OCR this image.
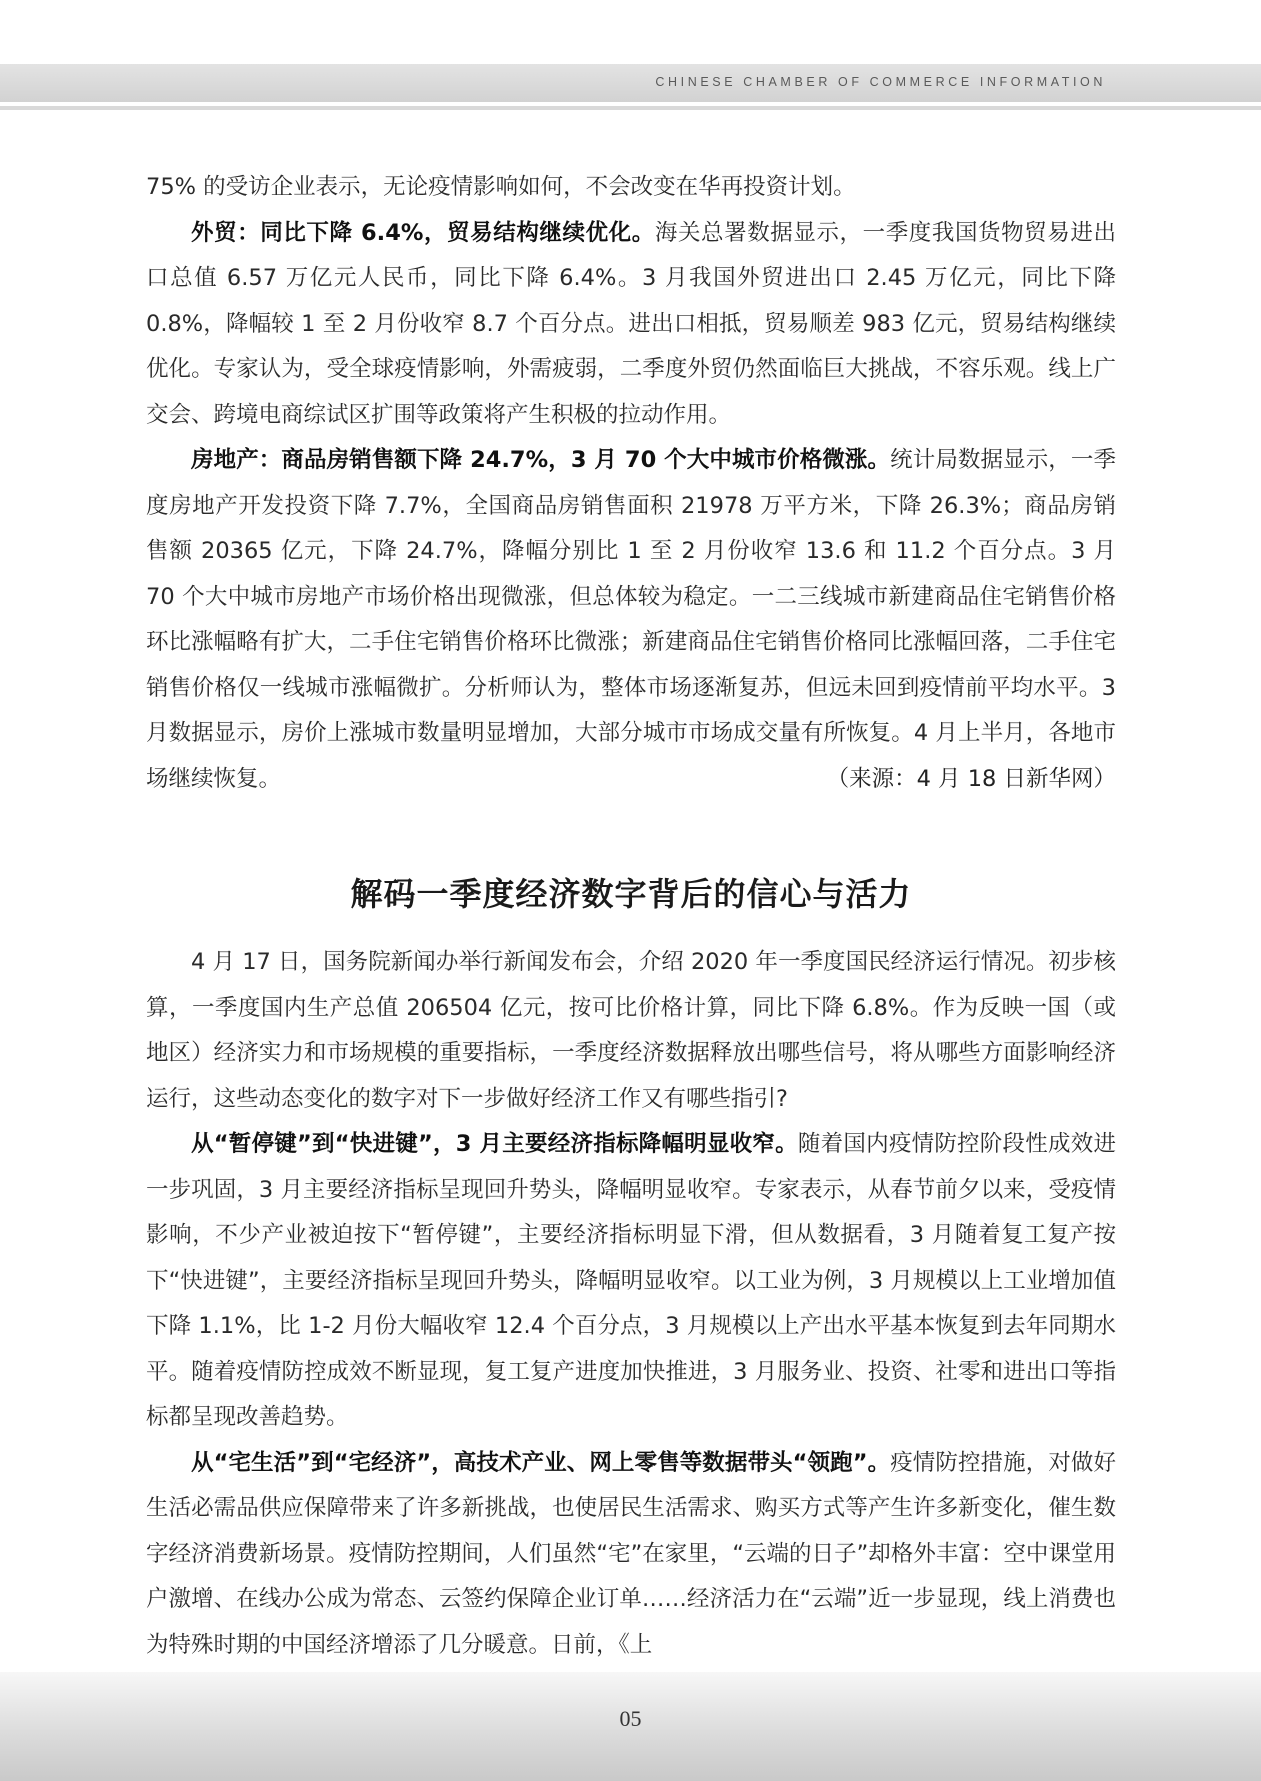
CHINESE CHAMBER OF COMMERCE INFORMATION

75% 的受访企业表示，无论疫情影响如何，不会改变在华再投资计划。

外贸：同比下降 6.4%，贸易结构继续优化。海关总署数据显示，一季度我国货物贸易进出口总值 6.57 万亿元人民币，同比下降 6.4%。3 月我国外贸进出口 2.45 万亿元，同比下降 0.8%，降幅较 1 至 2 月份收窄 8.7 个百分点。进出口相抵，贸易顺差 983 亿元，贸易结构继续优化。专家认为，受全球疫情影响，外需疲弱，二季度外贸仍然面临巨大挑战，不容乐观。线上广交会、跨境电商综试区扩围等政策将产生积极的拉动作用。

房地产：商品房销售额下降 24.7%，3 月 70 个大中城市价格微涨。统计局数据显示，一季度房地产开发投资下降 7.7%，全国商品房销售面积 21978 万平方米，下降 26.3%；商品房销售额 20365 亿元，下降 24.7%，降幅分别比 1 至 2 月份收窄 13.6 和 11.2 个百分点。3 月 70 个大中城市房地产市场价格出现微涨，但总体较为稳定。一二三线城市新建商品住宅销售价格环比涨幅略有扩大，二手住宅销售价格环比微涨；新建商品住宅销售价格同比涨幅回落，二手住宅销售价格仅一线城市涨幅微扩。分析师认为，整体市场逐渐复苏，但远未回到疫情前平均水平。3 月数据显示，房价上涨城市数量明显增加，大部分城市市场成交量有所恢复。4 月上半月，各地市场继续恢复。	（来源：4 月 18 日新华网）

解码一季度经济数字背后的信心与活力

4 月 17 日，国务院新闻办举行新闻发布会，介绍 2020 年一季度国民经济运行情况。初步核算，一季度国内生产总值 206504 亿元，按可比价格计算，同比下降 6.8%。作为反映一国（或地区）经济实力和市场规模的重要指标，一季度经济数据释放出哪些信号，将从哪些方面影响经济运行，这些动态变化的数字对下一步做好经济工作又有哪些指引?

从“暂停键”到“快进键”，3 月主要经济指标降幅明显收窄。随着国内疫情防控阶段性成效进一步巩固，3 月主要经济指标呈现回升势头，降幅明显收窄。专家表示，从春节前夕以来，受疫情影响，不少产业被迫按下“暂停键”，主要经济指标明显下滑，但从数据看，3 月随着复工复产按下“快进键”，主要经济指标呈现回升势头，降幅明显收窄。以工业为例，3 月规模以上工业增加值下降 1.1%，比 1-2 月份大幅收窄 12.4 个百分点，3 月规模以上产出水平基本恢复到去年同期水平。随着疫情防控成效不断显现，复工复产进度加快推进，3 月服务业、投资、社零和进出口等指标都呈现改善趋势。

从“宅生活”到“宅经济”，高技术产业、网上零售等数据带头“领跑”。疫情防控措施，对做好生活必需品供应保障带来了许多新挑战，也使居民生活需求、购买方式等产生许多新变化，催生数字经济消费新场景。疫情防控期间，人们虽然“宅”在家里，“云端的日子”却格外丰富：空中课堂用户激增、在线办公成为常态、云签约保障企业订单……经济活力在“云端”近一步显现，线上消费也为特殊时期的中国经济增添了几分暖意。日前，《上

05
